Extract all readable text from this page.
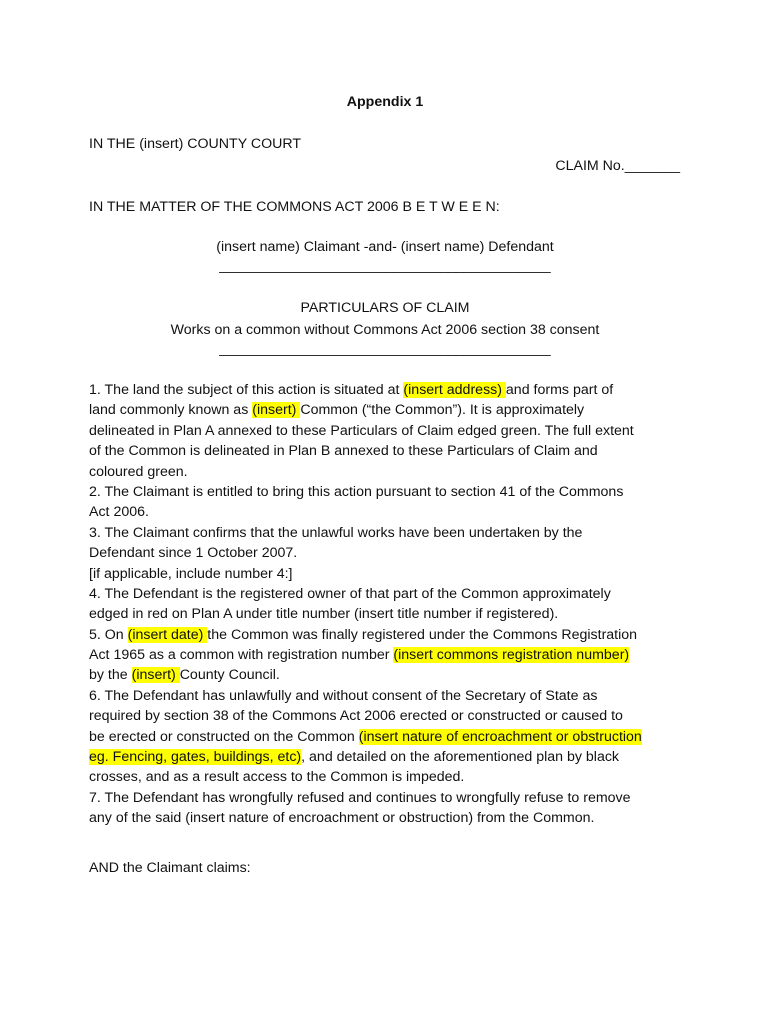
Appendix 1
IN THE (insert) COUNTY COURT
CLAIM No._______
IN THE MATTER OF THE COMMONS ACT 2006 B E T W E E N:
(insert name) Claimant -and- (insert name) Defendant
__________________________________________
PARTICULARS OF CLAIM
Works on a common without Commons Act 2006 section 38 consent
__________________________________________
1. The land the subject of this action is situated at (insert address) and forms part of
land commonly known as (insert) Common (“the Common”). It is approximately
delineated in Plan A annexed to these Particulars of Claim edged green. The full extent
of the Common is delineated in Plan B annexed to these Particulars of Claim and
coloured green.
2. The Claimant is entitled to bring this action pursuant to section 41 of the Commons
Act 2006.
3. The Claimant confirms that the unlawful works have been undertaken by the
Defendant since 1 October 2007.
[if applicable, include number 4:]
4. The Defendant is the registered owner of that part of the Common approximately
edged in red on Plan A under title number (insert title number if registered).
5. On (insert date) the Common was finally registered under the Commons Registration
Act 1965 as a common with registration number (insert commons registration number)
by the (insert) County Council.
6. The Defendant has unlawfully and without consent of the Secretary of State as
required by section 38 of the Commons Act 2006 erected or constructed or caused to
be erected or constructed on the Common (insert nature of encroachment or obstruction
eg. Fencing, gates, buildings, etc), and detailed on the aforementioned plan by black
crosses, and as a result access to the Common is impeded.
7. The Defendant has wrongfully refused and continues to wrongfully refuse to remove
any of the said (insert nature of encroachment or obstruction) from the Common.
AND the Claimant claims:
